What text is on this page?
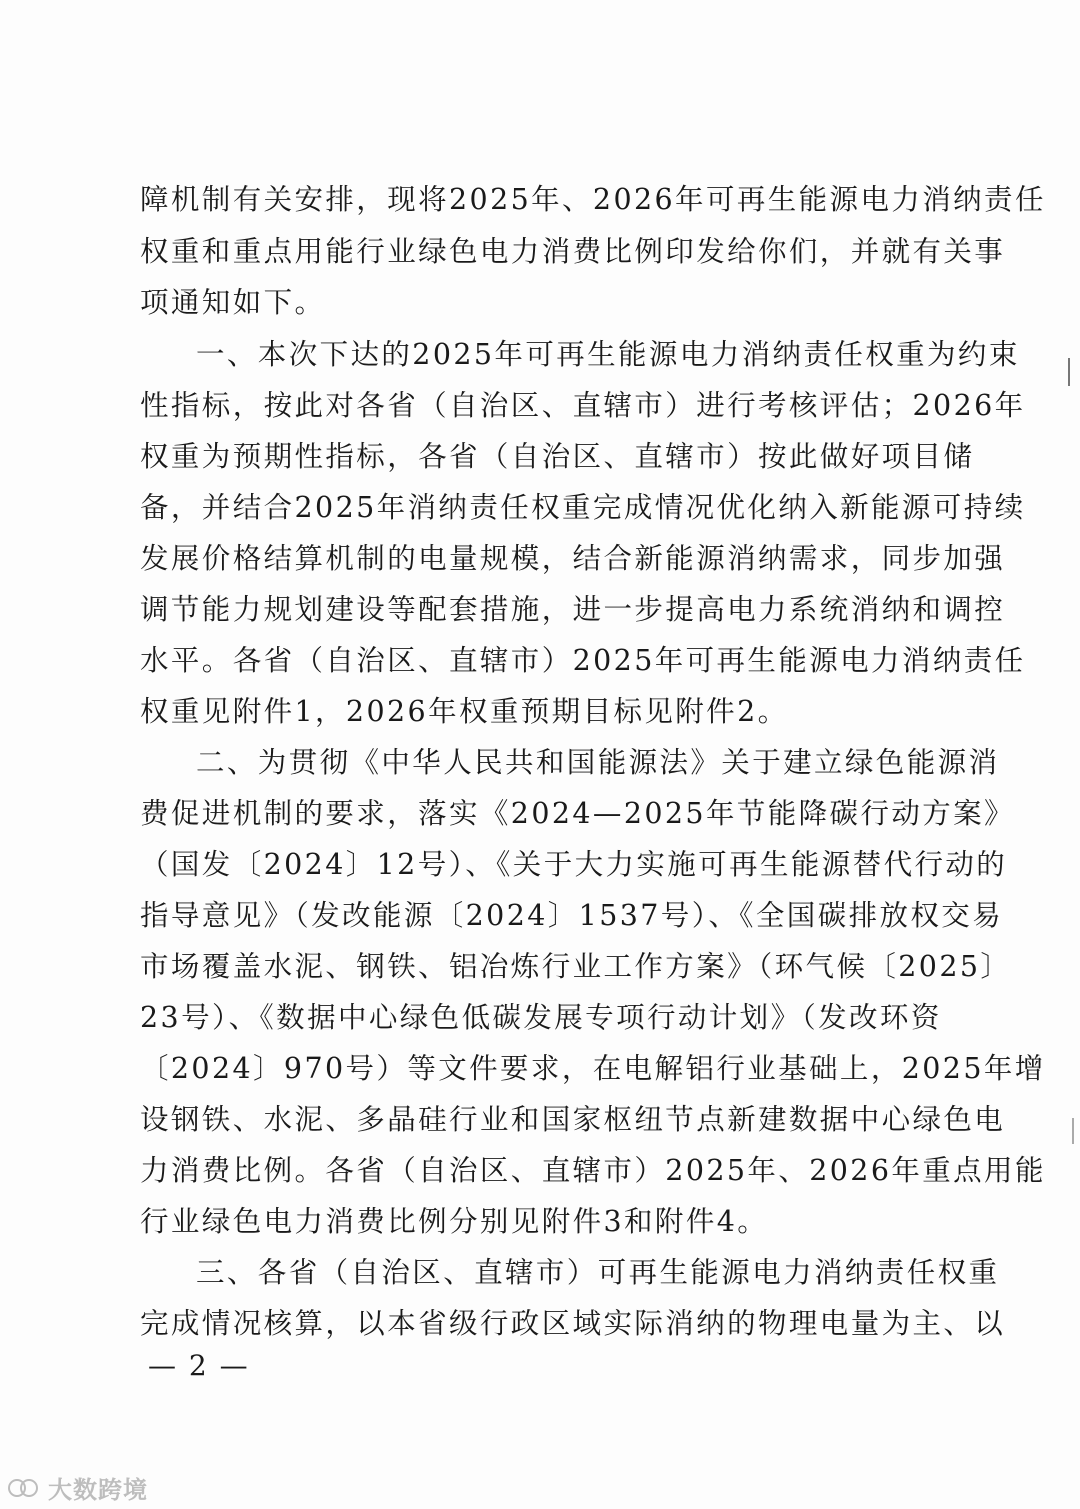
障机制有关安排，现将2025年、2026年可再生能源电力消纳责任
权重和重点用能行业绿色电力消费比例印发给你们，并就有关事
项通知如下。
一、本次下达的2025年可再生能源电力消纳责任权重为约束
性指标，按此对各省（自治区、直辖市）进行考核评估；2026年
权重为预期性指标，各省（自治区、直辖市）按此做好项目储
备，并结合2025年消纳责任权重完成情况优化纳入新能源可持续
发展价格结算机制的电量规模，结合新能源消纳需求，同步加强
调节能力规划建设等配套措施，进一步提高电力系统消纳和调控
水平。各省（自治区、直辖市）2025年可再生能源电力消纳责任
权重见附件1，2026年权重预期目标见附件2。
二、为贯彻《中华人民共和国能源法》关于建立绿色能源消
费促进机制的要求，落实《2024—2025年节能降碳行动方案》
（国发〔2024〕12号）、《关于大力实施可再生能源替代行动的
指导意见》（发改能源〔2024〕1537号）、《全国碳排放权交易
市场覆盖水泥、钢铁、铝冶炼行业工作方案》（环气候〔2025〕
23号）、《数据中心绿色低碳发展专项行动计划》（发改环资
〔2024〕970号）等文件要求，在电解铝行业基础上，2025年增
设钢铁、水泥、多晶硅行业和国家枢纽节点新建数据中心绿色电
力消费比例。各省（自治区、直辖市）2025年、2026年重点用能
行业绿色电力消费比例分别见附件3和附件4。
三、各省（自治区、直辖市）可再生能源电力消纳责任权重
完成情况核算，以本省级行政区域实际消纳的物理电量为主、以
— 2 —
大数跨境
